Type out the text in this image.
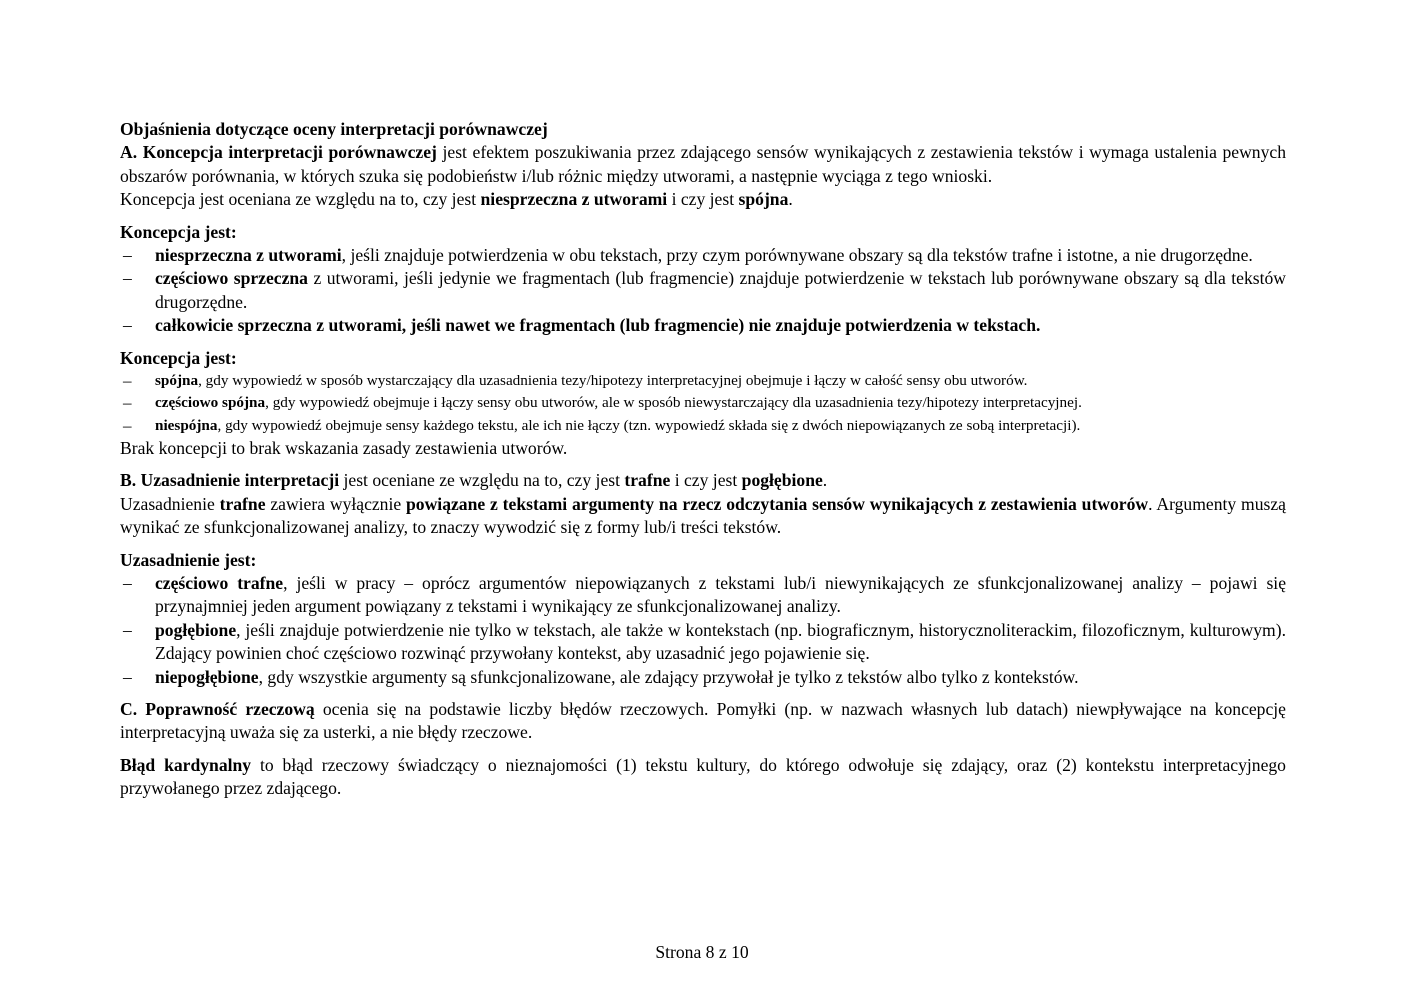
Objaśnienia dotyczące oceny interpretacji porównawczej

A. Koncepcja interpretacji porównawczej jest efektem poszukiwania przez zdającego sensów wynikających z zestawienia tekstów i wymaga ustalenia pewnych obszarów porównania, w których szuka się podobieństw i/lub różnic między utworami, a następnie wyciąga z tego wnioski.

Koncepcja jest oceniana ze względu na to, czy jest niesprzeczna z utworami i czy jest spójna.

Koncepcja jest:

– niesprzeczna z utworami, jeśli znajduje potwierdzenia w obu tekstach, przy czym porównywane obszary są dla tekstów trafne i istotne, a nie drugorzędne.
– częściowo sprzeczna z utworami, jeśli jedynie we fragmentach (lub fragmencie) znajduje potwierdzenie w tekstach lub porównywane obszary są dla tekstów drugorzędne.
– całkowicie sprzeczna z utworami, jeśli nawet we fragmentach (lub fragmencie) nie znajduje potwierdzenia w tekstach.

Koncepcja jest:

– spójna, gdy wypowiedź w sposób wystarczający dla uzasadnienia tezy/hipotezy interpretacyjnej obejmuje i łączy w całość sensy obu utworów.
– częściowo spójna, gdy wypowiedź obejmuje i łączy sensy obu utworów, ale w sposób niewystarczający dla uzasadnienia tezy/hipotezy interpretacyjnej.
– niespójna, gdy wypowiedź obejmuje sensy każdego tekstu, ale ich nie łączy (tzn. wypowiedź składa się z dwóch niepowiązanych ze sobą interpretacji).

Brak koncepcji to brak wskazania zasady zestawienia utworów.

B. Uzasadnienie interpretacji jest oceniane ze względu na to, czy jest trafne i czy jest pogłębione.

Uzasadnienie trafne zawiera wyłącznie powiązane z tekstami argumenty na rzecz odczytania sensów wynikających z zestawienia utworów. Argumenty muszą wynikać ze sfunkcjonalizowanej analizy, to znaczy wywodzić się z formy lub/i treści tekstów.

Uzasadnienie jest:

– częściowo trafne, jeśli w pracy – oprócz argumentów niepowiązanych z tekstami lub/i niewynikających ze sfunkcjonalizowanej analizy – pojawi się przynajmniej jeden argument powiązany z tekstami i wynikający ze sfunkcjonalizowanej analizy.
– pogłębione, jeśli znajduje potwierdzenie nie tylko w tekstach, ale także w kontekstach (np. biograficznym, historycznoliterackim, filozoficznym, kulturowym). Zdający powinien choć częściowo rozwinąć przywołany kontekst, aby uzasadnić jego pojawienie się.
– niepogłębione, gdy wszystkie argumenty są sfunkcjonalizowane, ale zdający przywołał je tylko z tekstów albo tylko z kontekstów.

C. Poprawność rzeczową ocenia się na podstawie liczby błędów rzeczowych. Pomyłki (np. w nazwach własnych lub datach) niewpływające na koncepcję interpretacyjną uważa się za usterki, a nie błędy rzeczowe.

Błąd kardynalny to błąd rzeczowy świadczący o nieznajomości (1) tekstu kultury, do którego odwołuje się zdający, oraz (2) kontekstu interpretacyjnego przywołanego przez zdającego.

Strona 8 z 10
